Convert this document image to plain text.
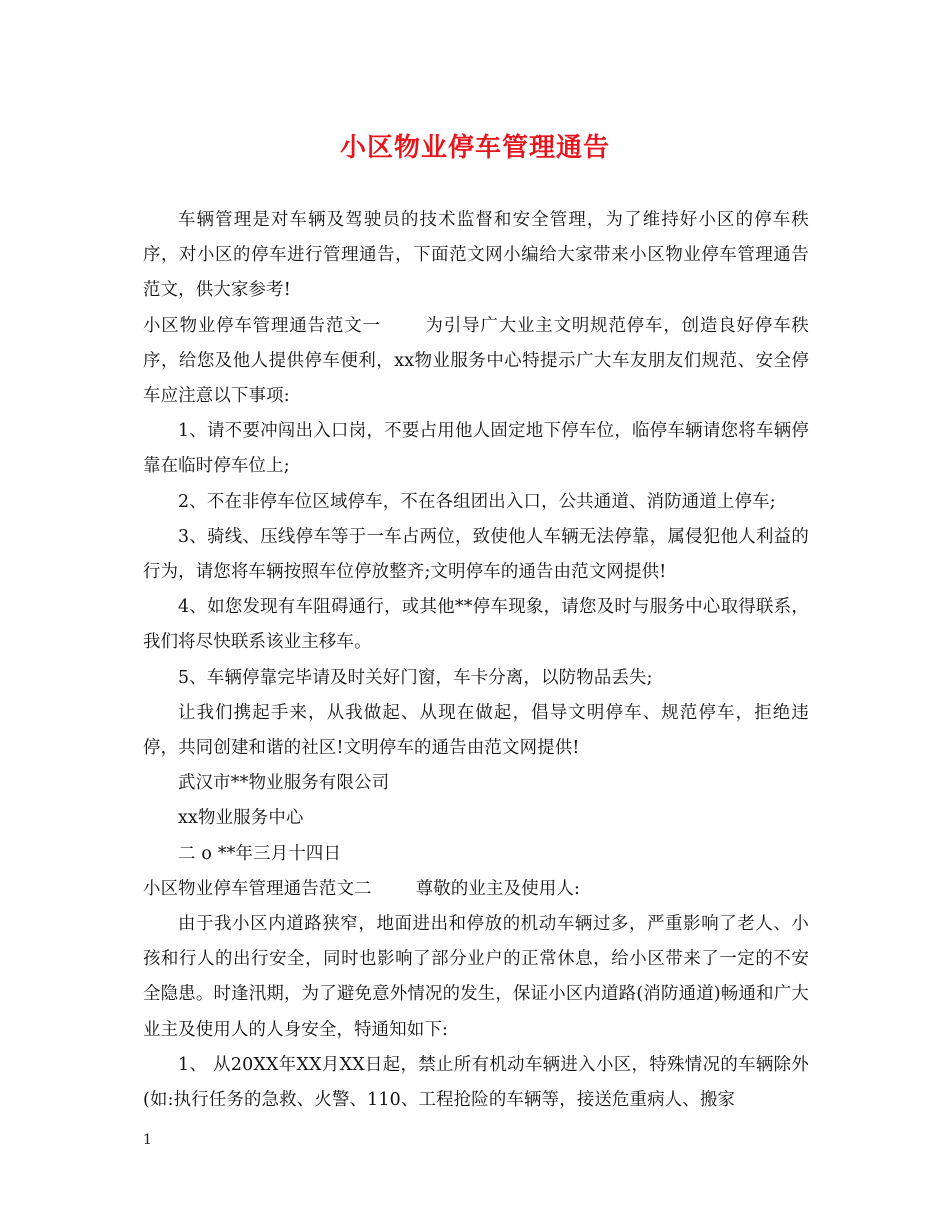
小区物业停车管理通告

车辆管理是对车辆及驾驶员的技术监督和安全管理，为了维持好小区的停车秩序，对小区的停车进行管理通告，下面范文网小编给大家带来小区物业停车管理通告范文，供大家参考!

小区物业停车管理通告范文一	为引导广大业主文明规范停车，创造良好停车秩序，给您及他人提供停车便利，xx物业服务中心特提示广大车友朋友们规范、安全停车应注意以下事项:

1、请不要冲闯出入口岗，不要占用他人固定地下停车位，临停车辆请您将车辆停靠在临时停车位上;

2、不在非停车位区域停车，不在各组团出入口，公共通道、消防通道上停车;

3、骑线、压线停车等于一车占两位，致使他人车辆无法停靠，属侵犯他人利益的行为，请您将车辆按照车位停放整齐;文明停车的通告由范文网提供!

4、如您发现有车阻碍通行，或其他**停车现象，请您及时与服务中心取得联系，我们将尽快联系该业主移车。

5、车辆停靠完毕请及时关好门窗，车卡分离，以防物品丢失;

让我们携起手来，从我做起、从现在做起，倡导文明停车、规范停车，拒绝违停，共同创建和谐的社区!文明停车的通告由范文网提供!

武汉市**物业服务有限公司

xx物业服务中心

二 o **年三月十四日

小区物业停车管理通告范文二	尊敬的业主及使用人:

由于我小区内道路狭窄，地面进出和停放的机动车辆过多，严重影响了老人、小孩和行人的出行安全，同时也影响了部分业户的正常休息，给小区带来了一定的不安全隐患。时逢汛期，为了避免意外情况的发生，保证小区内道路(消防通道)畅通和广大业主及使用人的人身安全，特通知如下:

1、 从20XX年XX月XX日起，禁止所有机动车辆进入小区，特殊情况的车辆除外(如:执行任务的急救、火警、110、工程抢险的车辆等，接送危重病人、搬家

1
